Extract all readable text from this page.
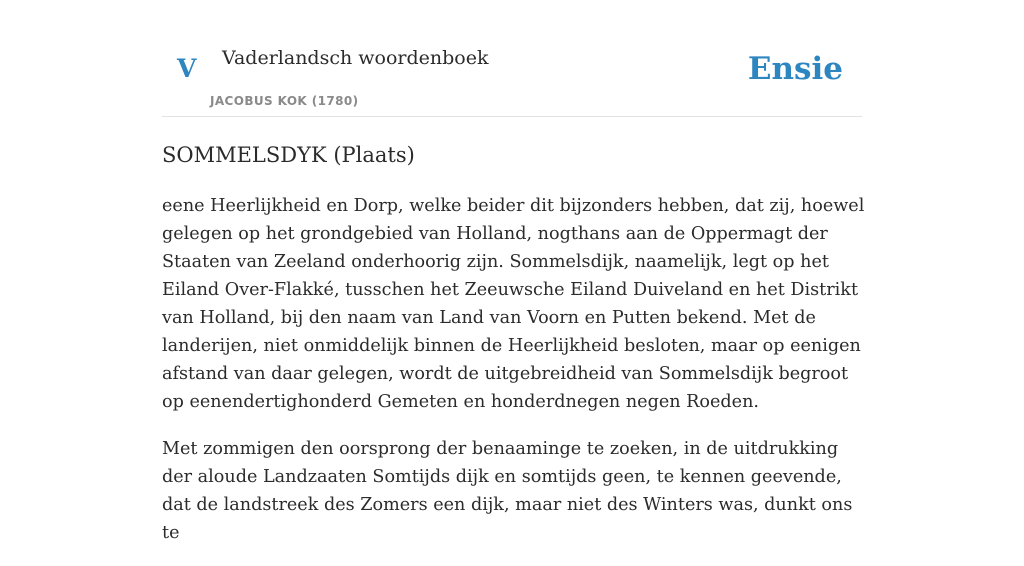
V Vaderlandsch woordenboek
JACOBUS KOK (1780)
Ensie
SOMMELSDYK (Plaats)

eene Heerlijkheid en Dorp, welke beider dit bijzonders hebben, dat zij, hoewel gelegen op het grondgebied van Holland, nogthans aan de Oppermagt der Staaten van Zeeland onderhoorig zijn. Sommelsdijk, naamelijk, legt op het Eiland Over-Flakké, tusschen het Zeeuwsche Eiland Duiveland en het Distrikt van Holland, bij den naam van Land van Voorn en Putten bekend. Met de landerijen, niet onmiddelijk binnen de Heerlijkheid besloten, maar op eenigen afstand van daar gelegen, wordt de uitgebreidheid van Sommelsdijk begroot op eenendertighonderd Gemeten en honderdnegen negen Roeden.

Met zommigen den oorsprong der benaaminge te zoeken, in de uitdrukking der aloude Landzaaten Somtijds dijk en somtijds geen, te kennen geevende, dat de landstreek des Zomers een dijk, maar niet des Winters was, dunkt ons te
